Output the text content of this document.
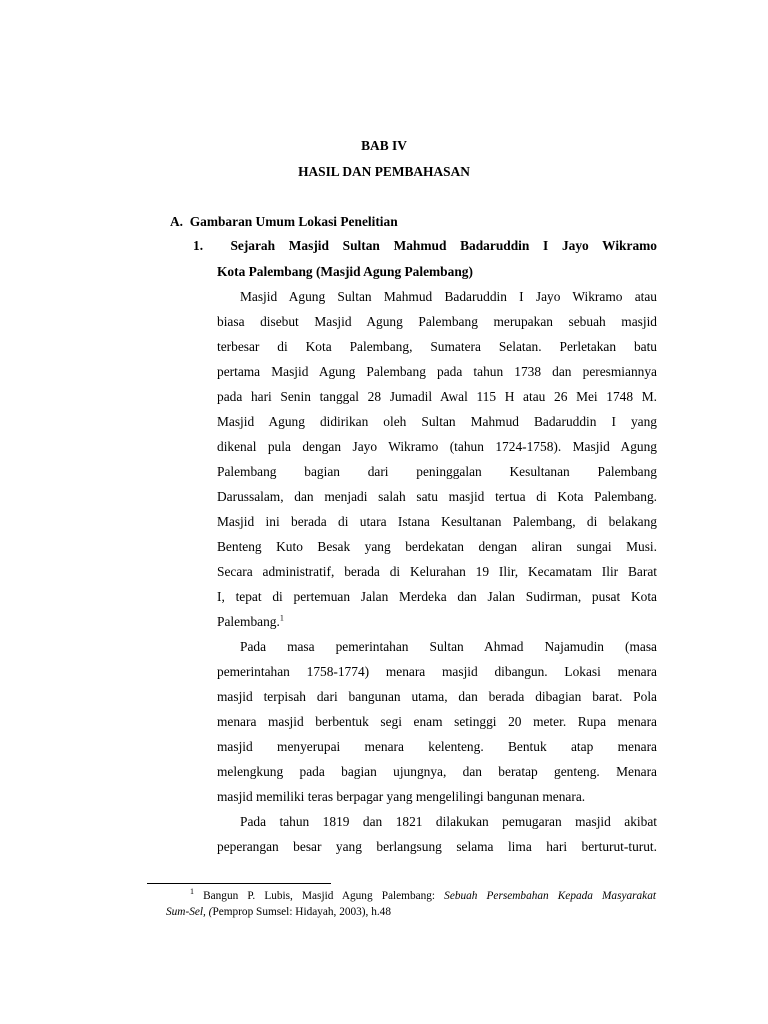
BAB IV
HASIL DAN PEMBAHASAN
A.  Gambaran Umum Lokasi Penelitian
1.  Sejarah Masjid Sultan Mahmud Badaruddin I Jayo Wikramo
Kota Palembang (Masjid Agung Palembang)
Masjid Agung Sultan Mahmud Badaruddin I Jayo Wikramo atau
biasa disebut Masjid Agung Palembang merupakan sebuah masjid
terbesar di Kota Palembang, Sumatera Selatan. Perletakan batu
pertama Masjid Agung Palembang pada tahun 1738 dan peresmiannya
pada hari Senin tanggal 28 Jumadil Awal 115 H atau 26 Mei 1748 M.
Masjid Agung didirikan oleh Sultan Mahmud Badaruddin I yang
dikenal pula dengan Jayo Wikramo (tahun 1724-1758). Masjid Agung
Palembang bagian dari peninggalan Kesultanan Palembang
Darussalam, dan menjadi salah satu masjid tertua di Kota Palembang.
Masjid ini berada di utara Istana Kesultanan Palembang, di belakang
Benteng Kuto Besak yang berdekatan dengan aliran sungai Musi.
Secara administratif, berada di Kelurahan 19 Ilir, Kecamatam Ilir Barat
I, tepat di pertemuan Jalan Merdeka dan Jalan Sudirman, pusat Kota
Palembang.$^1$
Pada masa pemerintahan Sultan Ahmad Najamudin (masa
pemerintahan 1758-1774) menara masjid dibangun. Lokasi menara
masjid terpisah dari bangunan utama, dan berada dibagian barat. Pola
menara masjid berbentuk segi enam setinggi 20 meter. Rupa menara
masjid menyerupai menara kelenteng. Bentuk atap menara
melengkung pada bagian ujungnya, dan beratap genteng. Menara
masjid memiliki teras berpagar yang mengelilingi bangunan menara.
Pada tahun 1819 dan 1821 dilakukan pemugaran masjid akibat
peperangan besar yang berlangsung selama lima hari berturut-turut.
$^1$ Bangun P. Lubis, Masjid Agung Palembang: Sebuah Persembahan Kepada Masyarakat
Sum-Sel, (Pemprop Sumsel: Hidayah, 2003), h.48
